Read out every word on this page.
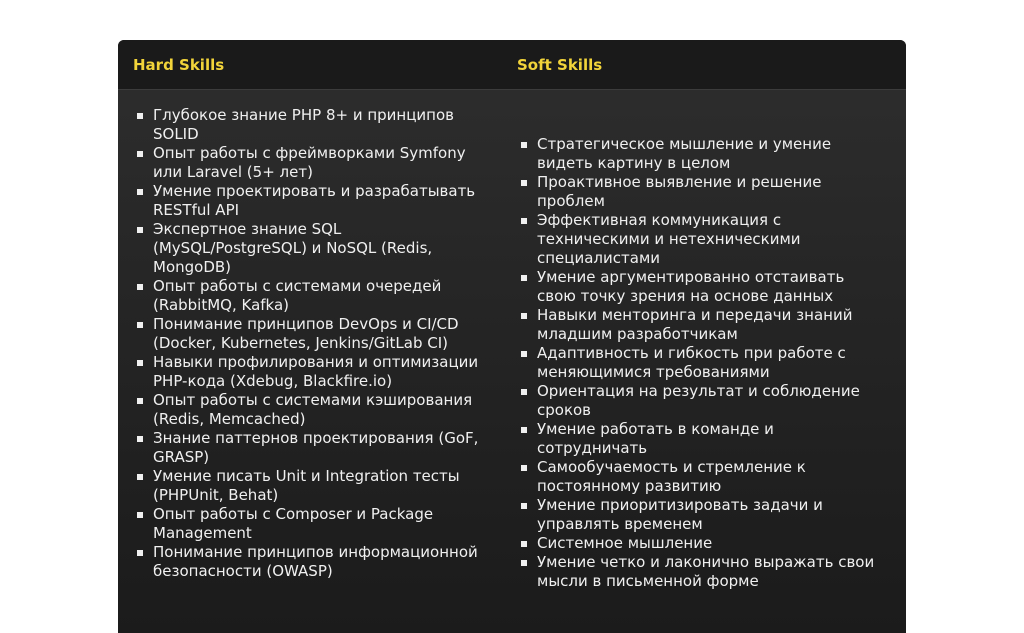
Hard Skills	Soft Skills
Глубокое знание PHP 8+ и принципов SOLID
Опыт работы с фреймворками Symfony или Laravel (5+ лет)
Умение проектировать и разрабатывать RESTful API
Экспертное знание SQL (MySQL/PostgreSQL) и NoSQL (Redis, MongoDB)
Опыт работы с системами очередей (RabbitMQ, Kafka)
Понимание принципов DevOps и CI/CD (Docker, Kubernetes, Jenkins/GitLab CI)
Навыки профилирования и оптимизации PHP-кода (Xdebug, Blackfire.io)
Опыт работы с системами кэширования (Redis, Memcached)
Знание паттернов проектирования (GoF, GRASP)
Умение писать Unit и Integration тесты (PHPUnit, Behat)
Опыт работы с Composer и Package Management
Понимание принципов информационной безопасности (OWASP)
Стратегическое мышление и умение видеть картину в целом
Проактивное выявление и решение проблем
Эффективная коммуникация с техническими и нетехническими специалистами
Умение аргументированно отстаивать свою точку зрения на основе данных
Навыки менторинга и передачи знаний младшим разработчикам
Адаптивность и гибкость при работе с меняющимися требованиями
Ориентация на результат и соблюдение сроков
Умение работать в команде и сотрудничать
Самообучаемость и стремление к постоянному развитию
Умение приоритизировать задачи и управлять временем
Системное мышление
Умение четко и лаконично выражать свои мысли в письменной форме
